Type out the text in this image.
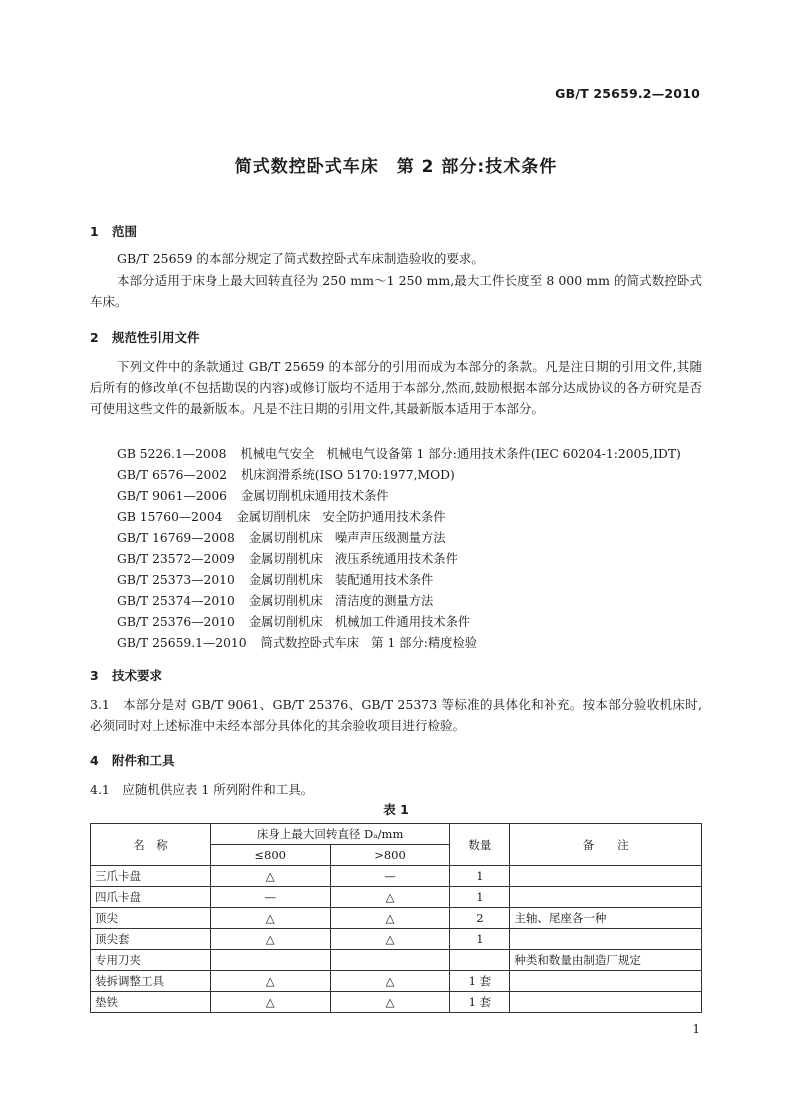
GB/T 25659.2—2010
简式数控卧式车床　第 2 部分:技术条件
1 范围

GB/T 25659 的本部分规定了简式数控卧式车床制造验收的要求。

本部分适用于床身上最大回转直径为 250 mm～1 250 mm,最大工件长度至 8 000 mm 的简式数控卧式车床。

2 规范性引用文件

下列文件中的条款通过 GB/T 25659 的本部分的引用而成为本部分的条款。凡是注日期的引用文件,其随后所有的修改单(不包括勘误的内容)或修订版均不适用于本部分,然而,鼓励根据本部分达成协议的各方研究是否可使用这些文件的最新版本。凡是不注日期的引用文件,其最新版本适用于本部分。

GB 5226.1—2008 机械电气安全　机械电气设备第 1 部分:通用技术条件(IEC 60204-1:2005,IDT)
GB/T 6576—2002 机床润滑系统(ISO 5170:1977,MOD)
GB/T 9061—2006 金属切削机床通用技术条件
GB 15760—2004 金属切削机床　安全防护通用技术条件
GB/T 16769—2008 金属切削机床　噪声声压级测量方法
GB/T 23572—2009 金属切削机床　液压系统通用技术条件
GB/T 25373—2010 金属切削机床　装配通用技术条件
GB/T 25374—2010 金属切削机床　清洁度的测量方法
GB/T 25376—2010 金属切削机床　机械加工件通用技术条件
GB/T 25659.1—2010 简式数控卧式车床　第 1 部分:精度检验
3 技术要求

3.1　本部分是对 GB/T 9061、GB/T 25376、GB/T 25373 等标准的具体化和补充。按本部分验收机床时,必须同时对上述标准中未经本部分具体化的其余验收项目进行检验。

4 附件和工具

4.1　应随机供应表 1 所列附件和工具。

表 1
名　称	床身上最大回转直径 Dₐ/mm		数量	备　　注
	≤800	>800		
三爪卡盘	△	—	1	
四爪卡盘	—	△	1	
顶尖	△	△	2	主轴、尾座各一种
顶尖套	△	△	1	
专用刀夹				种类和数量由制造厂规定
装拆调整工具	△	△	1 套	
垫铁	△	△	1 套	
1
